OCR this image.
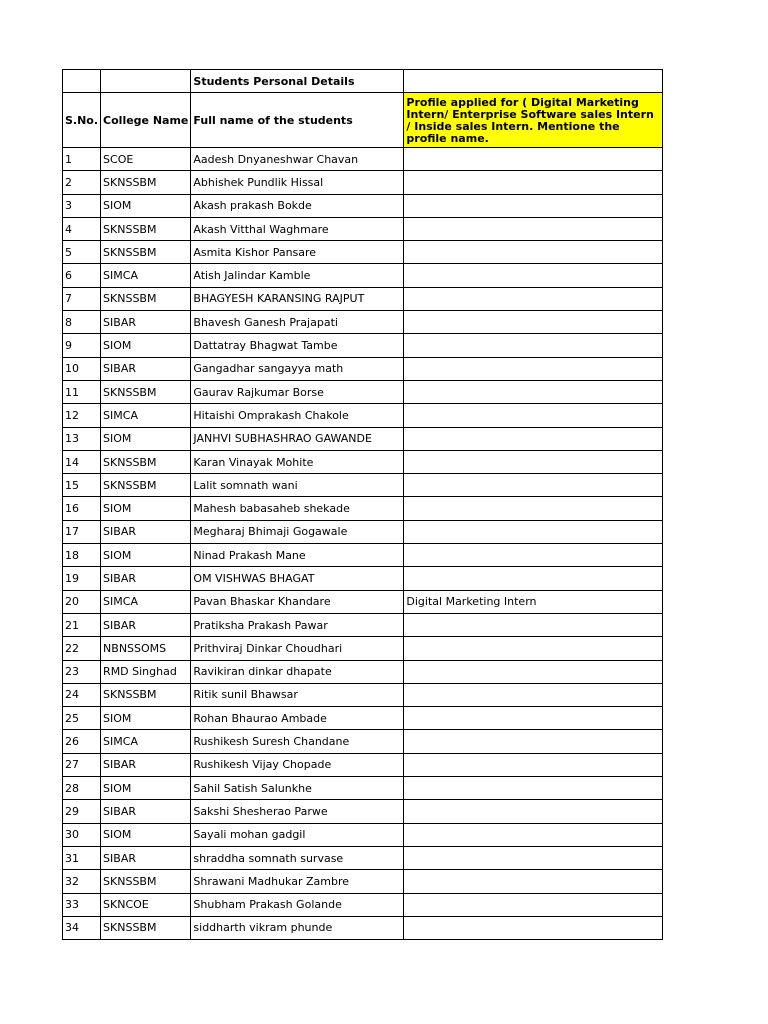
		Students Personal Details	
S.No.	College Name	Full name of the students	Profile applied for ( Digital Marketing Intern/ Enterprise Software sales Intern / Inside sales Intern. Mentione the profile name.
1	SCOE	Aadesh Dnyaneshwar Chavan	
2	SKNSSBM	Abhishek Pundlik Hissal	
3	SIOM	Akash prakash Bokde	
4	SKNSSBM	Akash Vitthal Waghmare	
5	SKNSSBM	Asmita Kishor Pansare	
6	SIMCA	Atish Jalindar Kamble	
7	SKNSSBM	BHAGYESH KARANSING RAJPUT	
8	SIBAR	Bhavesh Ganesh Prajapati	
9	SIOM	Dattatray Bhagwat Tambe	
10	SIBAR	Gangadhar sangayya math	
11	SKNSSBM	Gaurav Rajkumar Borse	
12	SIMCA	Hitaishi Omprakash Chakole	
13	SIOM	JANHVI SUBHASHRAO GAWANDE	
14	SKNSSBM	Karan Vinayak Mohite	
15	SKNSSBM	Lalit somnath wani	
16	SIOM	Mahesh babasaheb shekade	
17	SIBAR	Megharaj Bhimaji Gogawale	
18	SIOM	Ninad Prakash Mane	
19	SIBAR	OM VISHWAS BHAGAT	
20	SIMCA	Pavan Bhaskar Khandare	Digital Marketing Intern
21	SIBAR	Pratiksha Prakash Pawar	
22	NBNSSOMS	Prithviraj Dinkar Choudhari	
23	RMD Singhad	Ravikiran dinkar dhapate	
24	SKNSSBM	Ritik sunil Bhawsar	
25	SIOM	Rohan Bhaurao Ambade	
26	SIMCA	Rushikesh Suresh Chandane	
27	SIBAR	Rushikesh Vijay Chopade	
28	SIOM	Sahil Satish Salunkhe	
29	SIBAR	Sakshi Shesherao Parwe	
30	SIOM	Sayali mohan gadgil	
31	SIBAR	shraddha somnath survase	
32	SKNSSBM	Shrawani Madhukar Zambre	
33	SKNCOE	Shubham Prakash Golande	
34	SKNSSBM	siddharth vikram phunde	
